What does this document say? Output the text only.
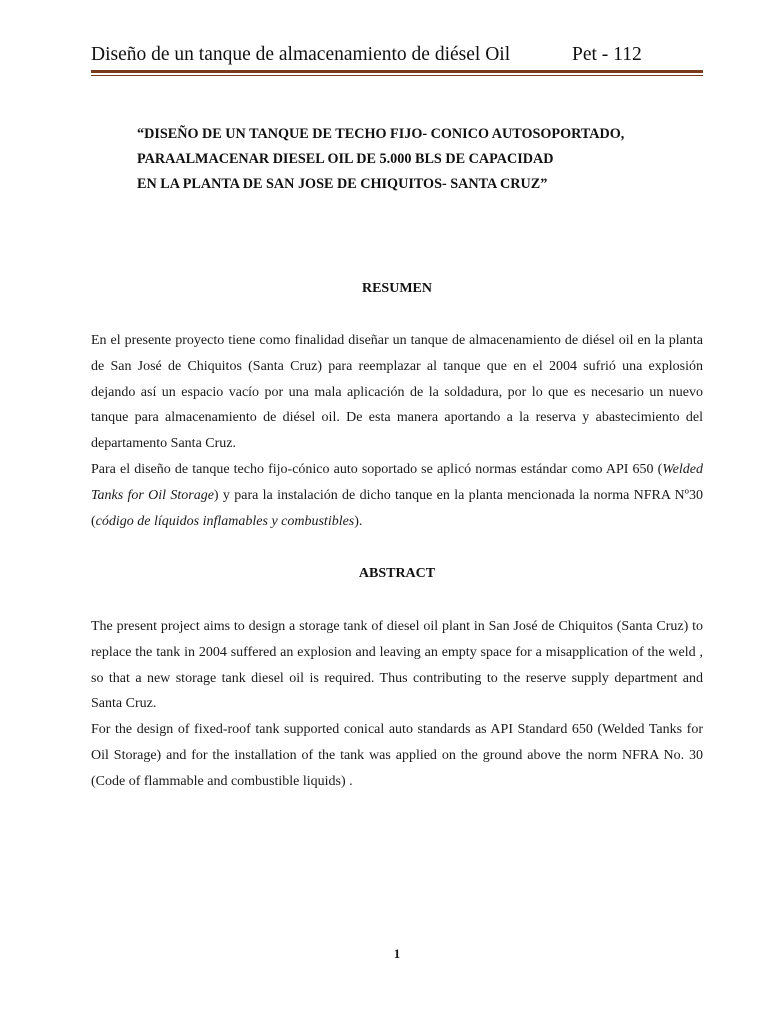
Diseño de un tanque de almacenamiento de diésel Oil	Pet - 112
“DISEÑO DE UN TANQUE DE TECHO FIJO- CONICO AUTOSOPORTADO,
PARAALMACENAR DIESEL OIL DE 5.000 BLS DE CAPACIDAD
EN LA PLANTA DE SAN JOSE DE CHIQUITOS- SANTA CRUZ”
RESUMEN

En el presente proyecto tiene como finalidad diseñar un tanque de almacenamiento de diésel oil en la planta de San José de Chiquitos (Santa Cruz) para reemplazar al tanque que en el 2004 sufrió una explosión dejando así un espacio vacío por una mala aplicación de la soldadura, por lo que es necesario un nuevo tanque para almacenamiento de diésel oil. De esta manera aportando a la reserva y abastecimiento del departamento Santa Cruz.

Para el diseño de tanque techo fijo-cónico auto soportado se aplicó normas estándar como API 650 (Welded Tanks for Oil Storage) y para la instalación de dicho tanque en la planta mencionada la norma NFRA Nº30 (código de líquidos inflamables y combustibles).

ABSTRACT

The present project aims to design a storage tank of diesel oil plant in San José de Chiquitos (Santa Cruz) to replace the tank in 2004 suffered an explosion and leaving an empty space for a misapplication of the weld , so that a new storage tank diesel oil is required. Thus contributing to the reserve supply department and Santa Cruz.

For the design of fixed-roof tank supported conical auto standards as API Standard 650 (Welded Tanks for Oil Storage) and for the installation of the tank was applied on the ground above the norm NFRA No. 30 (Code of flammable and combustible liquids) .

1
